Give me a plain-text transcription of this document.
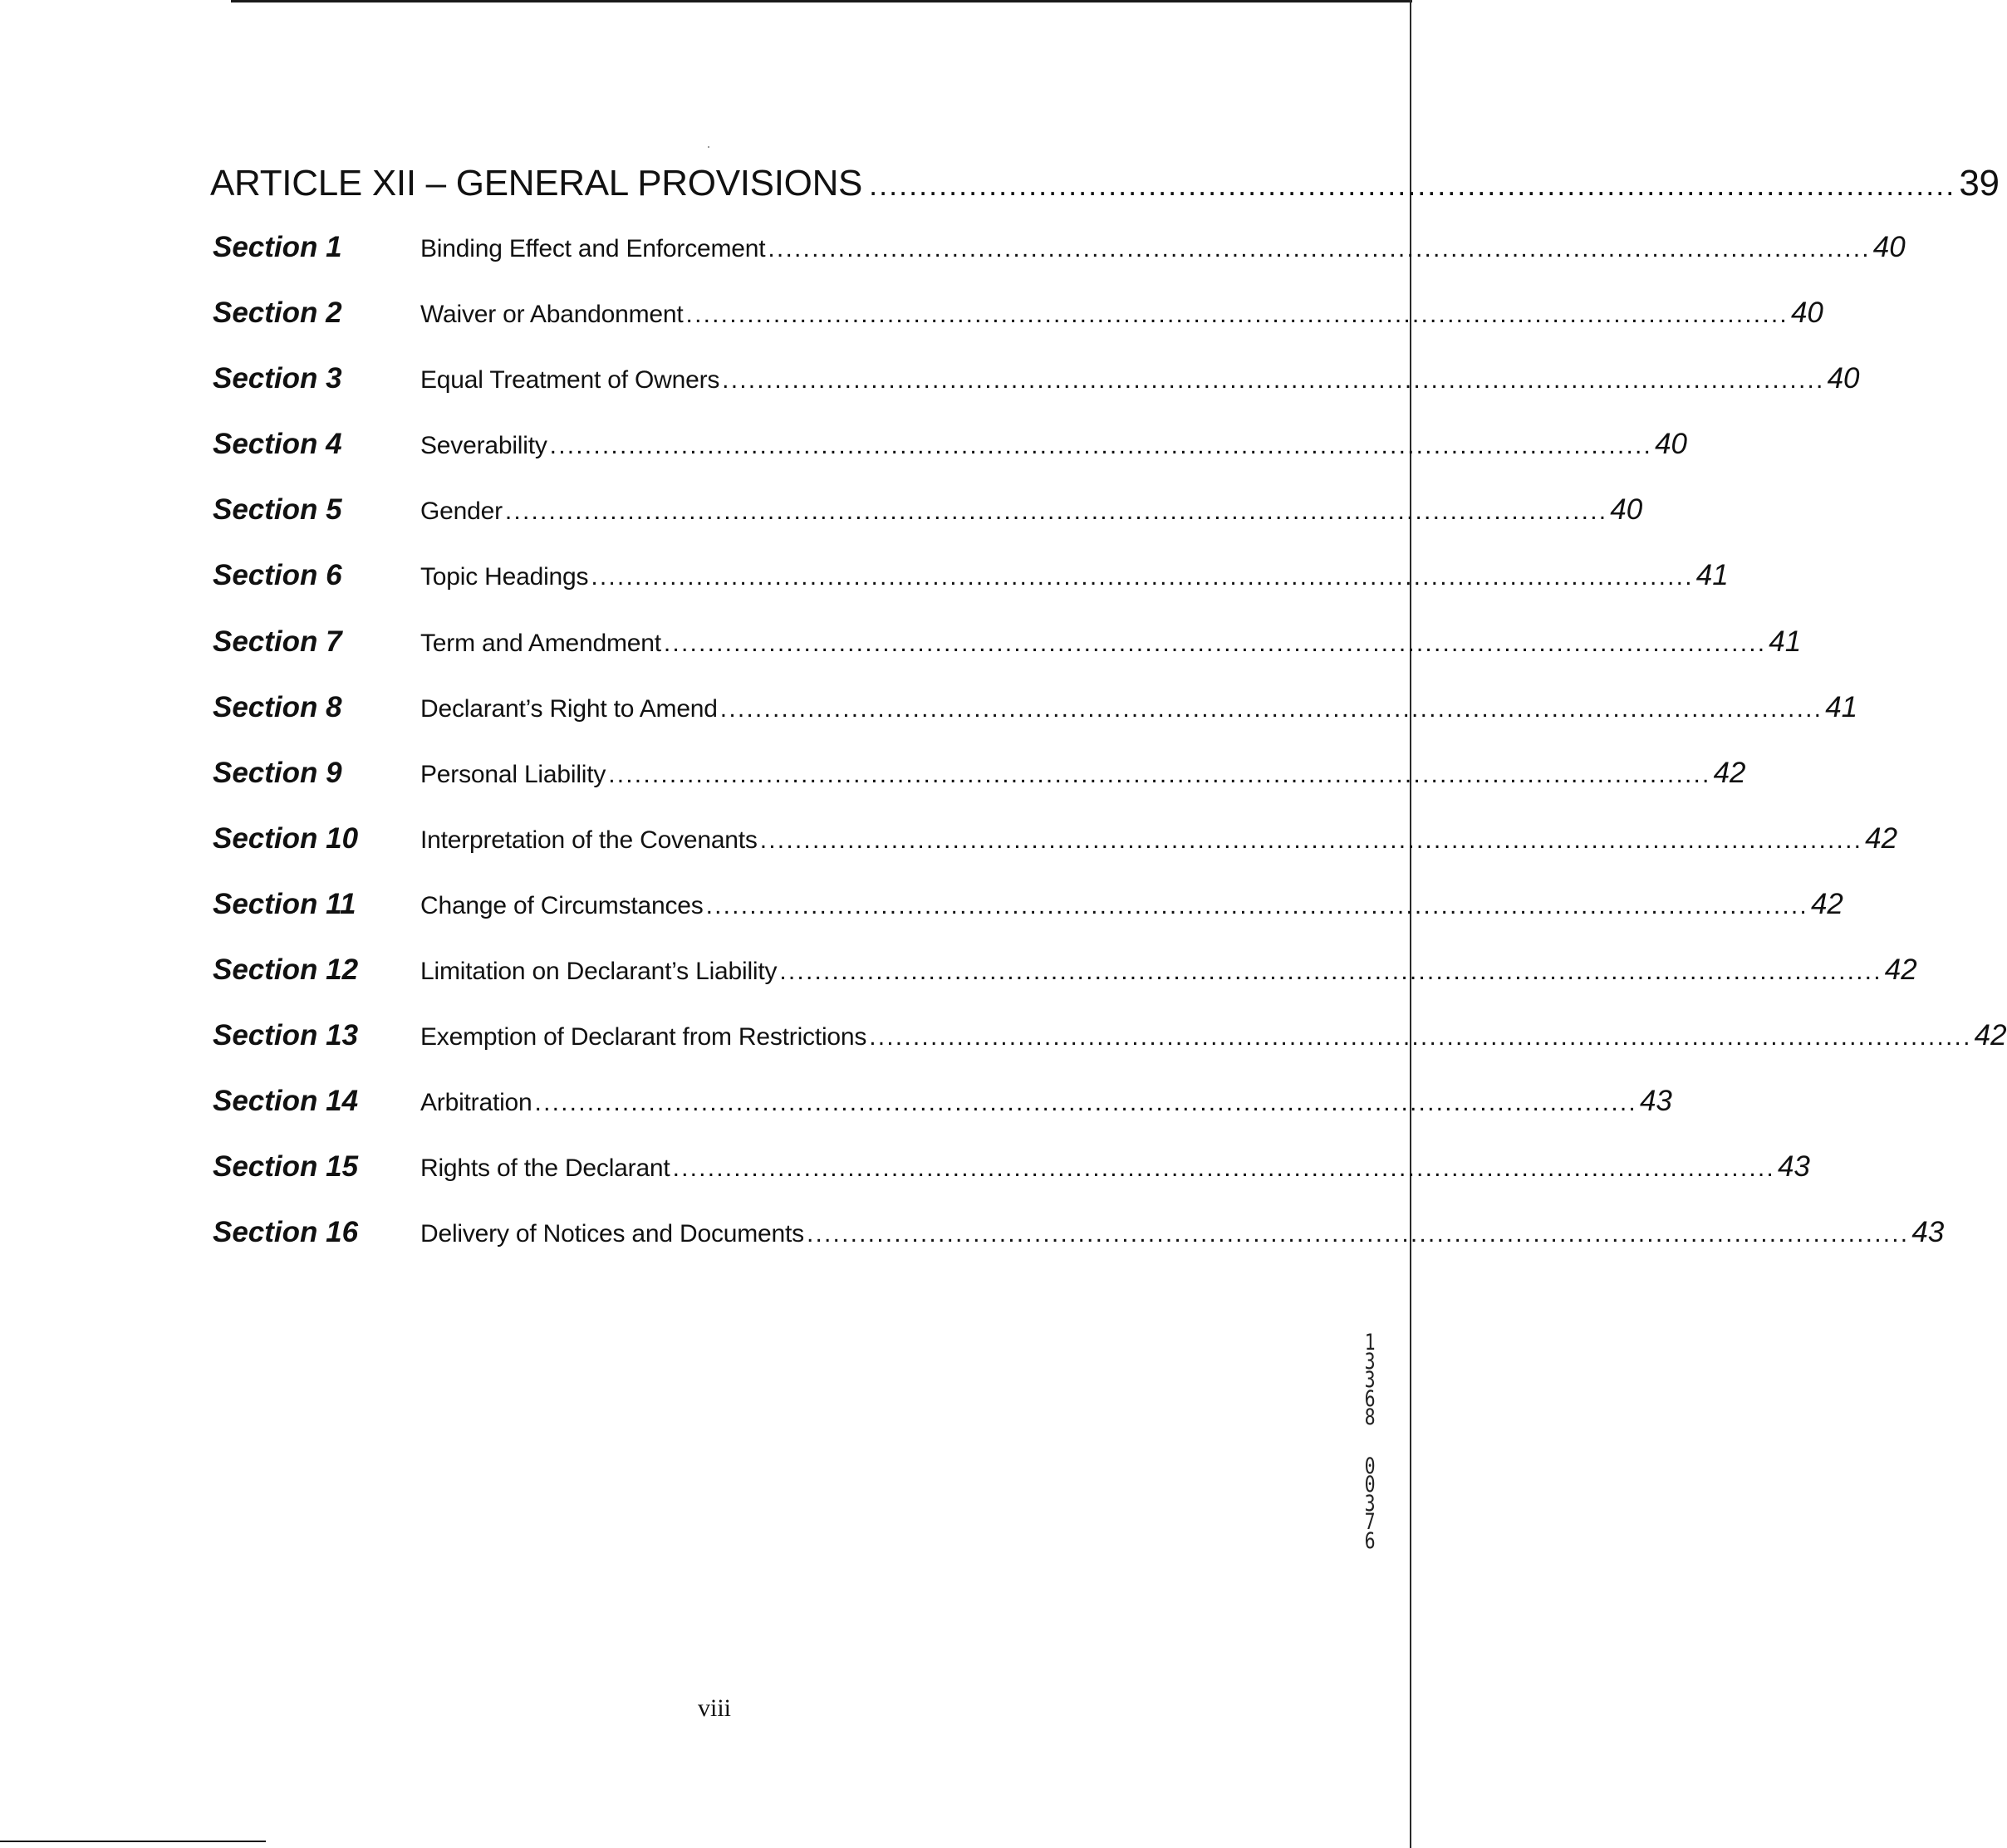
ARTICLE XII – GENERAL PROVISIONS ............................................................................................................. 39
Section 1	Binding Effect and Enforcement .............................................................................................................................. 40
Section 2	Waiver or Abandonment .............................................................................................................................. 40
Section 3	Equal Treatment of Owners .............................................................................................................................. 40
Section 4	Severability .............................................................................................................................. 40
Section 5	Gender .............................................................................................................................. 40
Section 6	Topic Headings .............................................................................................................................. 41
Section 7	Term and Amendment .............................................................................................................................. 41
Section 8	Declarant’s Right to Amend .............................................................................................................................. 41
Section 9	Personal Liability .............................................................................................................................. 42
Section 10	Interpretation of the Covenants .............................................................................................................................. 42
Section 11	Change of Circumstances .............................................................................................................................. 42
Section 12	Limitation on Declarant’s Liability .............................................................................................................................. 42
Section 13	Exemption of Declarant from Restrictions .............................................................................................................................. 42
Section 14	Arbitration .............................................................................................................................. 43
Section 15	Rights of the Declarant .............................................................................................................................. 43
Section 16	Delivery of Notices and Documents .............................................................................................................................. 43
1
3
3
6
8
0
0
3
7
6
viii
